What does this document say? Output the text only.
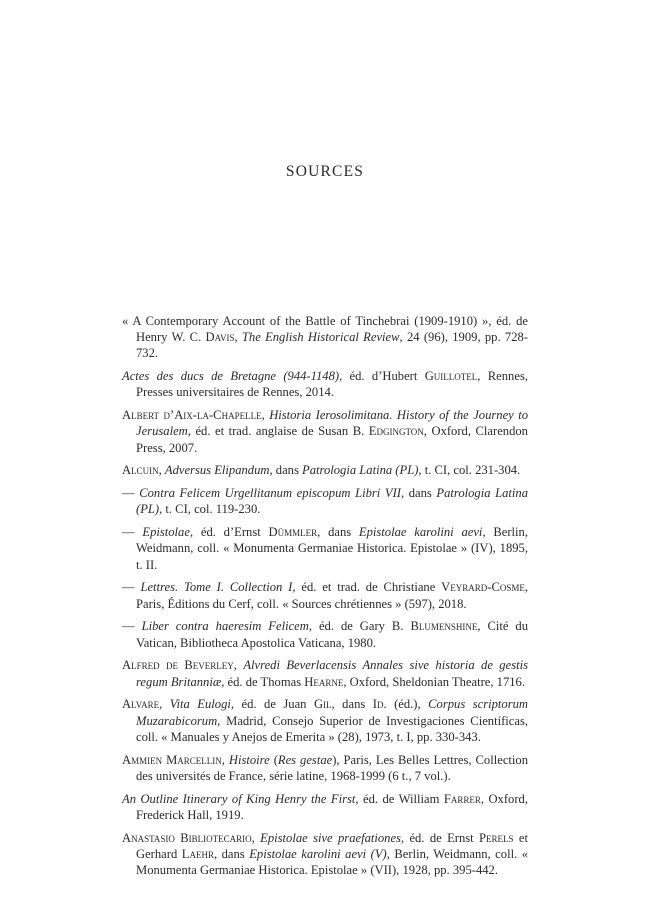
SOURCES

« A Contemporary Account of the Battle of Tinchebrai (1909-1910) », éd. de Henry W. C. Davis, The English Historical Review, 24 (96), 1909, pp. 728-732.

Actes des ducs de Bretagne (944-1148), éd. d’Hubert Guillotel, Rennes, Presses universitaires de Rennes, 2014.

Albert d’Aix-la-Chapelle, Historia Ierosolimitana. History of the Journey to Jerusalem, éd. et trad. anglaise de Susan B. Edgington, Oxford, Clarendon Press, 2007.

Alcuin, Adversus Elipandum, dans Patrologia Latina (PL), t. CI, col. 231-304.

— Contra Felicem Urgellitanum episcopum Libri VII, dans Patrologia Latina (PL), t. CI, col. 119-230.

— Epistolae, éd. d’Ernst Dümmler, dans Epistolae karolini aevi, Berlin, Weidmann, coll. « Monumenta Germaniae Historica. Epistolae » (IV), 1895, t. II.

— Lettres. Tome I. Collection I, éd. et trad. de Christiane Veyrard-Cosme, Paris, Éditions du Cerf, coll. « Sources chrétiennes » (597), 2018.

— Liber contra haeresim Felicem, éd. de Gary B. Blumenshine, Cité du Vatican, Bibliotheca Apostolica Vaticana, 1980.

Alfred de Beverley, Alvredi Beverlacensis Annales sive historia de gestis regum Britanniæ, éd. de Thomas Hearne, Oxford, Sheldonian Theatre, 1716.

Alvare, Vita Eulogi, éd. de Juan Gil, dans Id. (éd.), Corpus scriptorum Muzarabicorum, Madrid, Consejo Superior de Investigaciones Científicas, coll. « Manuales y Anejos de Emerita » (28), 1973, t. I, pp. 330-343.

Ammien Marcellin, Histoire (Res gestae), Paris, Les Belles Lettres, Collection des universités de France, série latine, 1968-1999 (6 t., 7 vol.).

An Outline Itinerary of King Henry the First, éd. de William Farrer, Oxford, Frederick Hall, 1919.

Anastasio Bibliotecario, Epistolae sive praefationes, éd. de Ernst Perels et Gerhard Laehr, dans Epistolae karolini aevi (V), Berlin, Weidmann, coll. « Monumenta Germaniae Historica. Epistolae » (VII), 1928, pp. 395-442.
